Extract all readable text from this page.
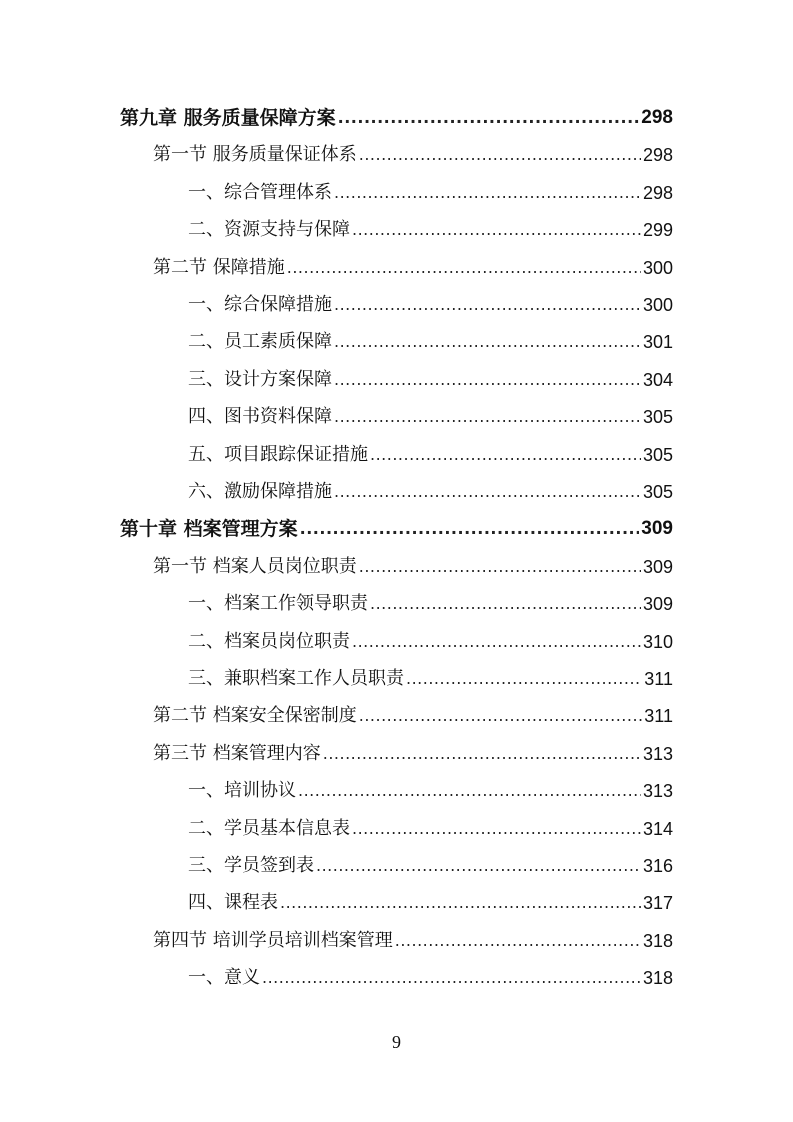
第九章 服务质量保障方案 .....	298
第一节 服务质量保证体系 .....	298
一、综合管理体系 .....	298
二、资源支持与保障 .....	299
第二节 保障措施 .....	300
一、综合保障措施 .....	300
二、员工素质保障 .....	301
三、设计方案保障 .....	304
四、图书资料保障 .....	305
五、项目跟踪保证措施 .....	305
六、激励保障措施 .....	305
第十章 档案管理方案 .....	309
第一节 档案人员岗位职责 .....	309
一、档案工作领导职责 .....	309
二、档案员岗位职责 .....	310
三、兼职档案工作人员职责 .....	311
第二节 档案安全保密制度 .....	311
第三节 档案管理内容 .....	313
一、培训协议 .....	313
二、学员基本信息表 .....	314
三、学员签到表 .....	316
四、课程表 .....	317
第四节 培训学员培训档案管理 .....	318
一、意义 .....	318
9
